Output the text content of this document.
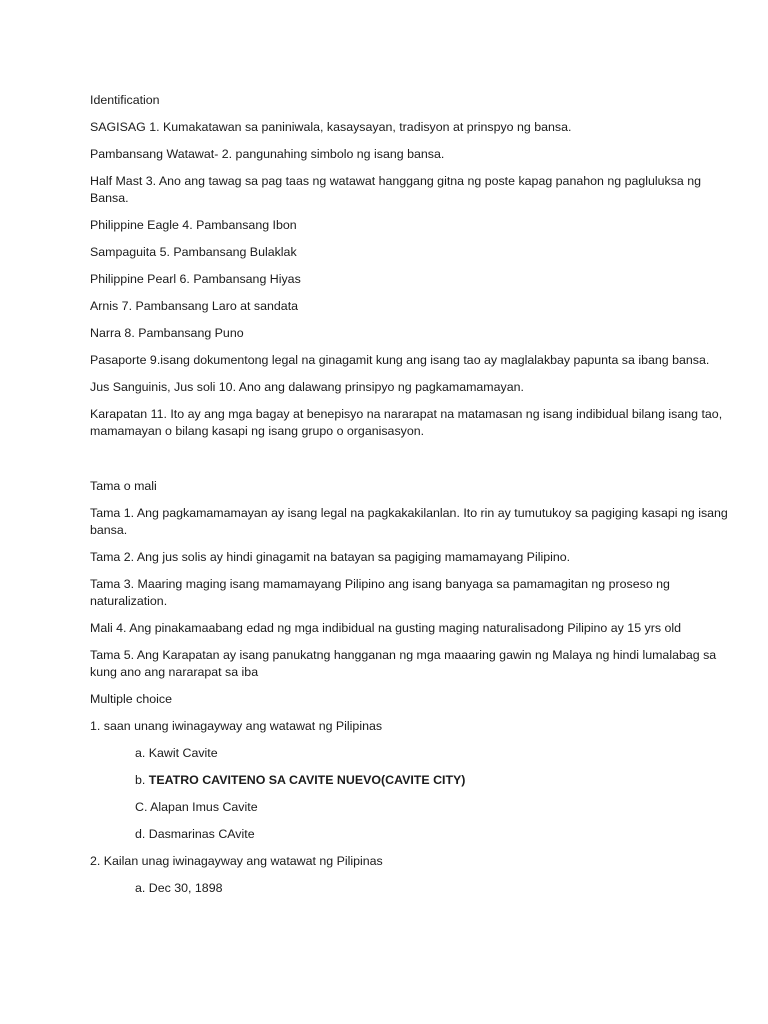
Identification

SAGISAG 1. Kumakatawan sa paniniwala, kasaysayan, tradisyon at prinspyo ng bansa.

Pambansang Watawat- 2. pangunahing simbolo ng isang bansa.

Half Mast 3. Ano ang tawag sa pag taas ng watawat hanggang gitna ng poste kapag panahon ng pagluluksa ng Bansa.

Philippine Eagle 4. Pambansang Ibon

Sampaguita 5. Pambansang Bulaklak

Philippine Pearl 6. Pambansang Hiyas

Arnis 7. Pambansang Laro at sandata

Narra 8. Pambansang Puno

Pasaporte 9.isang dokumentong legal na ginagamit kung ang isang tao ay maglalakbay papunta sa ibang bansa.

Jus Sanguinis, Jus soli 10. Ano ang dalawang prinsipyo ng pagkamamamayan.

Karapatan 11. Ito ay ang mga bagay at benepisyo na nararapat na matamasan ng isang indibidual bilang isang tao, mamamayan o bilang kasapi ng isang grupo o organisasyon.

Tama o mali

Tama 1. Ang pagkamamamayan ay isang legal na pagkakakilanlan. Ito rin ay tumutukoy sa pagiging kasapi ng isang bansa.

Tama 2. Ang jus solis ay hindi ginagamit na batayan sa pagiging mamamayang Pilipino.

Tama 3. Maaring maging isang mamamayang Pilipino ang isang banyaga sa pamamagitan ng proseso ng naturalization.

Mali 4. Ang pinakamaabang edad ng mga indibidual na gusting maging naturalisadong Pilipino ay 15 yrs old

Tama 5. Ang Karapatan ay isang panukatng hangganan ng mga maaaring gawin ng Malaya ng hindi lumalabag sa kung ano ang nararapat sa iba

Multiple choice

1. saan unang iwinagayway ang watawat ng Pilipinas

a. Kawit Cavite

b. TEATRO CAVITENO SA CAVITE NUEVO(CAVITE CITY)

C. Alapan Imus Cavite

d. Dasmarinas CAvite

2. Kailan unag iwinagayway ang watawat ng Pilipinas

a. Dec 30, 1898
